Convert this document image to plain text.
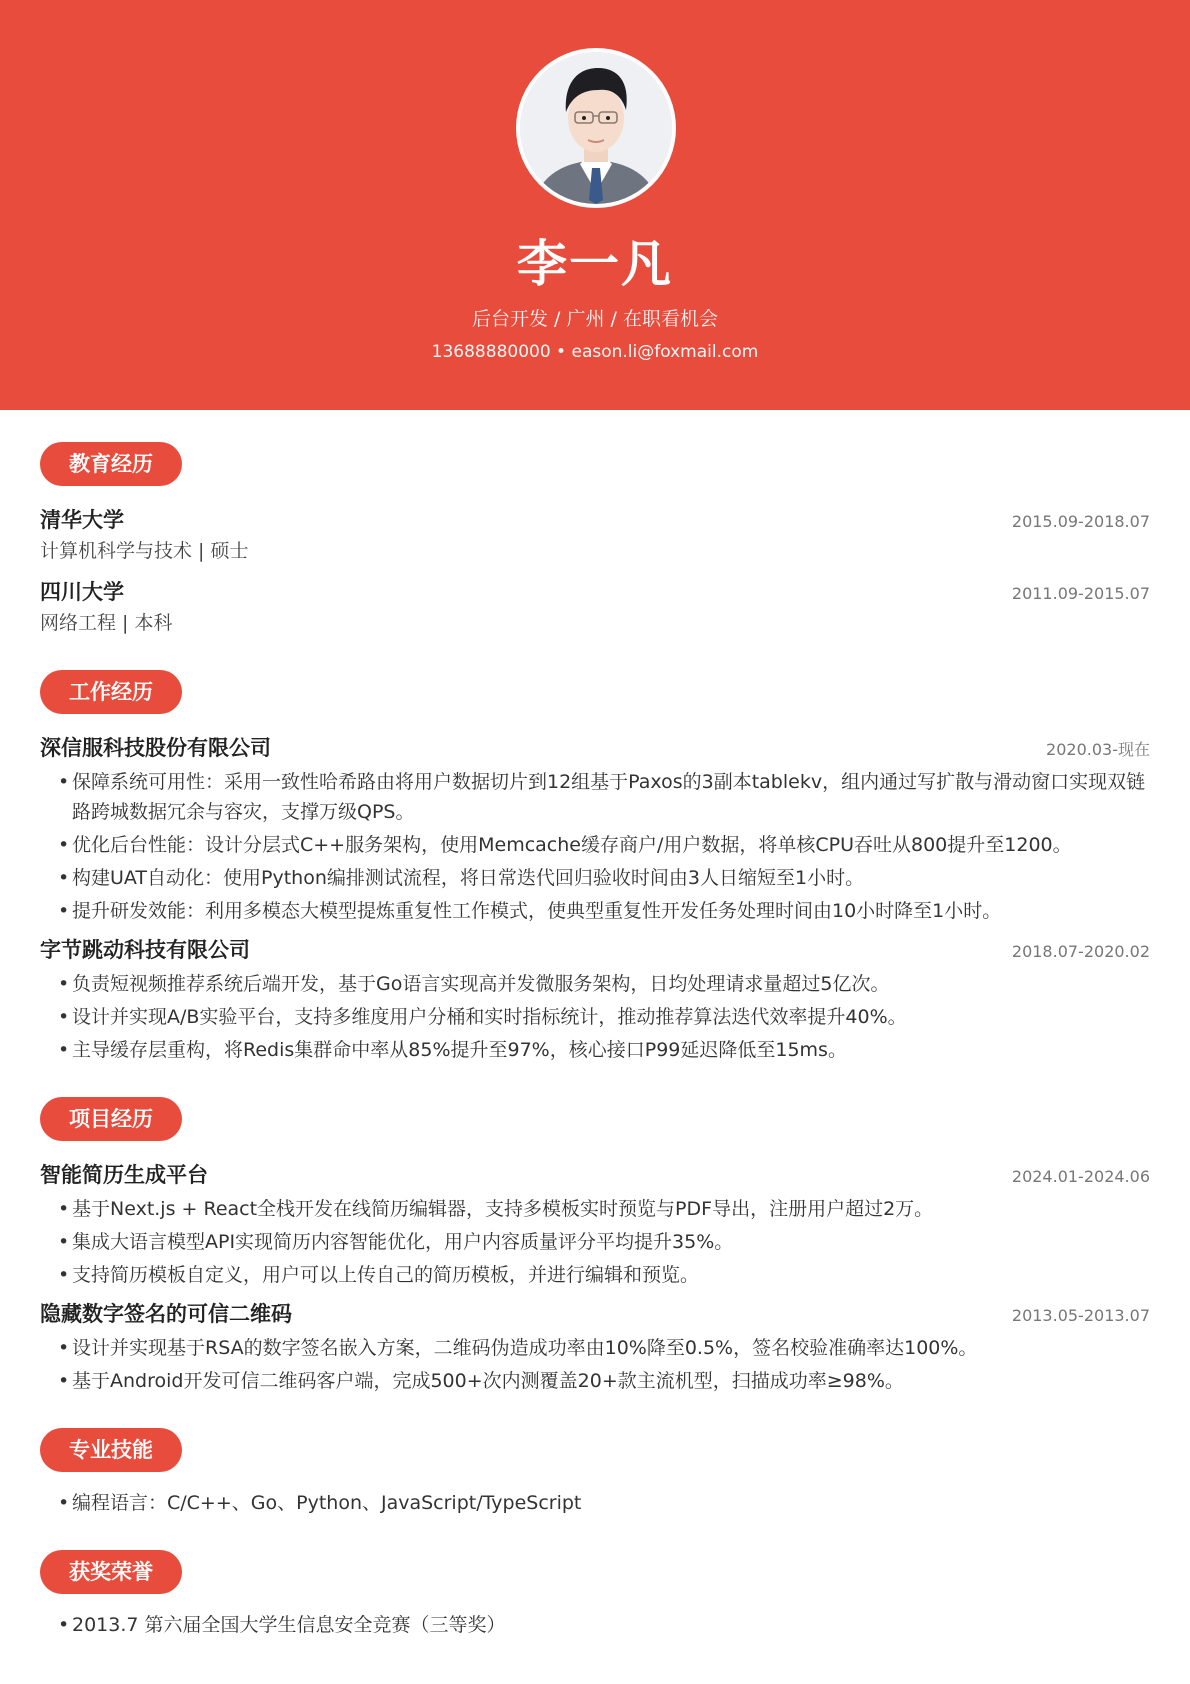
李一凡
后台开发 / 广州 / 在职看机会
13688880000 • eason.li@foxmail.com
教育经历
清华大学	2015.09-2018.07
计算机科学与技术 | 硕士
四川大学	2011.09-2015.07
网络工程 | 本科
工作经历
深信服科技股份有限公司	2020.03-现在
• 保障系统可用性：采用一致性哈希路由将用户数据切片到12组基于Paxos的3副本tablekv，组内通过写扩散与滑动窗口实现双链路跨城数据冗余与容灾，支撑万级QPS。
• 优化后台性能：设计分层式C++服务架构，使用Memcache缓存商户/用户数据，将单核CPU吞吐从800提升至1200。
• 构建UAT自动化：使用Python编排测试流程，将日常迭代回归验收时间由3人日缩短至1小时。
• 提升研发效能：利用多模态大模型提炼重复性工作模式，使典型重复性开发任务处理时间由10小时降至1小时。
字节跳动科技有限公司	2018.07-2020.02
• 负责短视频推荐系统后端开发，基于Go语言实现高并发微服务架构，日均处理请求量超过5亿次。
• 设计并实现A/B实验平台，支持多维度用户分桶和实时指标统计，推动推荐算法迭代效率提升40%。
• 主导缓存层重构，将Redis集群命中率从85%提升至97%，核心接口P99延迟降低至15ms。
项目经历
智能简历生成平台	2024.01-2024.06
• 基于Next.js + React全栈开发在线简历编辑器，支持多模板实时预览与PDF导出，注册用户超过2万。
• 集成大语言模型API实现简历内容智能优化，用户内容质量评分平均提升35%。
• 支持简历模板自定义，用户可以上传自己的简历模板，并进行编辑和预览。
隐藏数字签名的可信二维码	2013.05-2013.07
• 设计并实现基于RSA的数字签名嵌入方案，二维码伪造成功率由10%降至0.5%，签名校验准确率达100%。
• 基于Android开发可信二维码客户端，完成500+次内测覆盖20+款主流机型，扫描成功率≥98%。
专业技能
• 编程语言：C/C++、Go、Python、JavaScript/TypeScript
获奖荣誉
• 2013.7 第六届全国大学生信息安全竞赛（三等奖）
